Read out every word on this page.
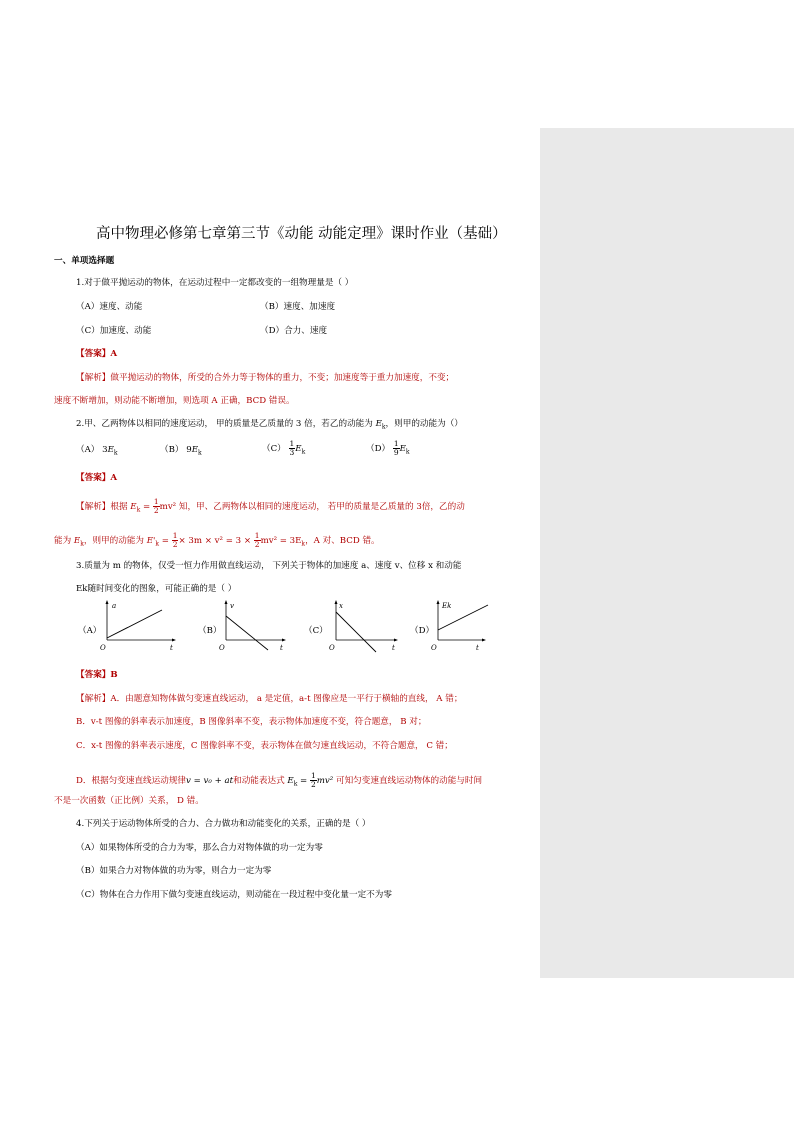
高中物理必修第七章第三节《动能 动能定理》课时作业（基础）
一、单项选择题
1.对于做平抛运动的物体，在运动过程中一定都改变的一组物理量是（ ）
（A）速度、动能	（B）速度、加速度
（C）加速度、动能	（D）合力、速度
【答案】A
【解析】做平抛运动的物体，所受的合外力等于物体的重力，不变；加速度等于重力加速度，不变；
速度不断增加，则动能不断增加，则选项 A 正确，BCD 错误。
2.甲、乙两物体以相同的速度运动， 甲的质量是乙质量的 3 倍，若乙的动能为 $E_k$，则甲的动能为（）
（A） $3E_k$	（B） $9E_k$	$(C) \frac{1}{3} E_k$	$(D) \frac{1}{9} E_k$
【答案】A
【解析】根据 $E_k = \frac{1}{2} mv^2$ 知，甲、乙两物体以相同的速度运动， 若甲的质量是乙质量的 3倍，乙的动
能为 $E_k$，则甲的动能为 $E'_k = \frac{1}{2} \times 3m \times v^2 = 3 \times \frac{1}{2} mv^2 = 3E_k$，A 对、BCD 错。
3.质量为 m 的物体，仅受一恒力作用做直线运动， 下列关于物体的加速度 a、速度 v、位移 x 和动能
Ek随时间变化的图象，可能正确的是（ ）
（A）
a
O	t
（B）
v
O	t
（C）
x
O	t
（D）
Ek
O	t
【答案】B
【解析】A．由题意知物体做匀变速直线运动， a 是定值，a-t 图像应是一平行于横轴的直线， A 错；
B．v-t 图像的斜率表示加速度，B 图像斜率不变，表示物体加速度不变，符合题意， B 对；
C．x-t 图像的斜率表示速度，C 图像斜率不变，表示物体在做匀速直线运动，不符合题意， C 错；
D．根据匀变速直线运动规律v = v₀ + at和动能表达式 $E_k = \frac{1}{2} mv^2$ 可知匀变速直线运动物体的动能与时间
不是一次函数（正比例）关系， D 错。
4.下列关于运动物体所受的合力、合力做功和动能变化的关系，正确的是（ ）
（A）如果物体所受的合力为零，那么合力对物体做的功一定为零
（B）如果合力对物体做的功为零，则合力一定为零
（C）物体在合力作用下做匀变速直线运动，则动能在一段过程中变化量一定不为零
